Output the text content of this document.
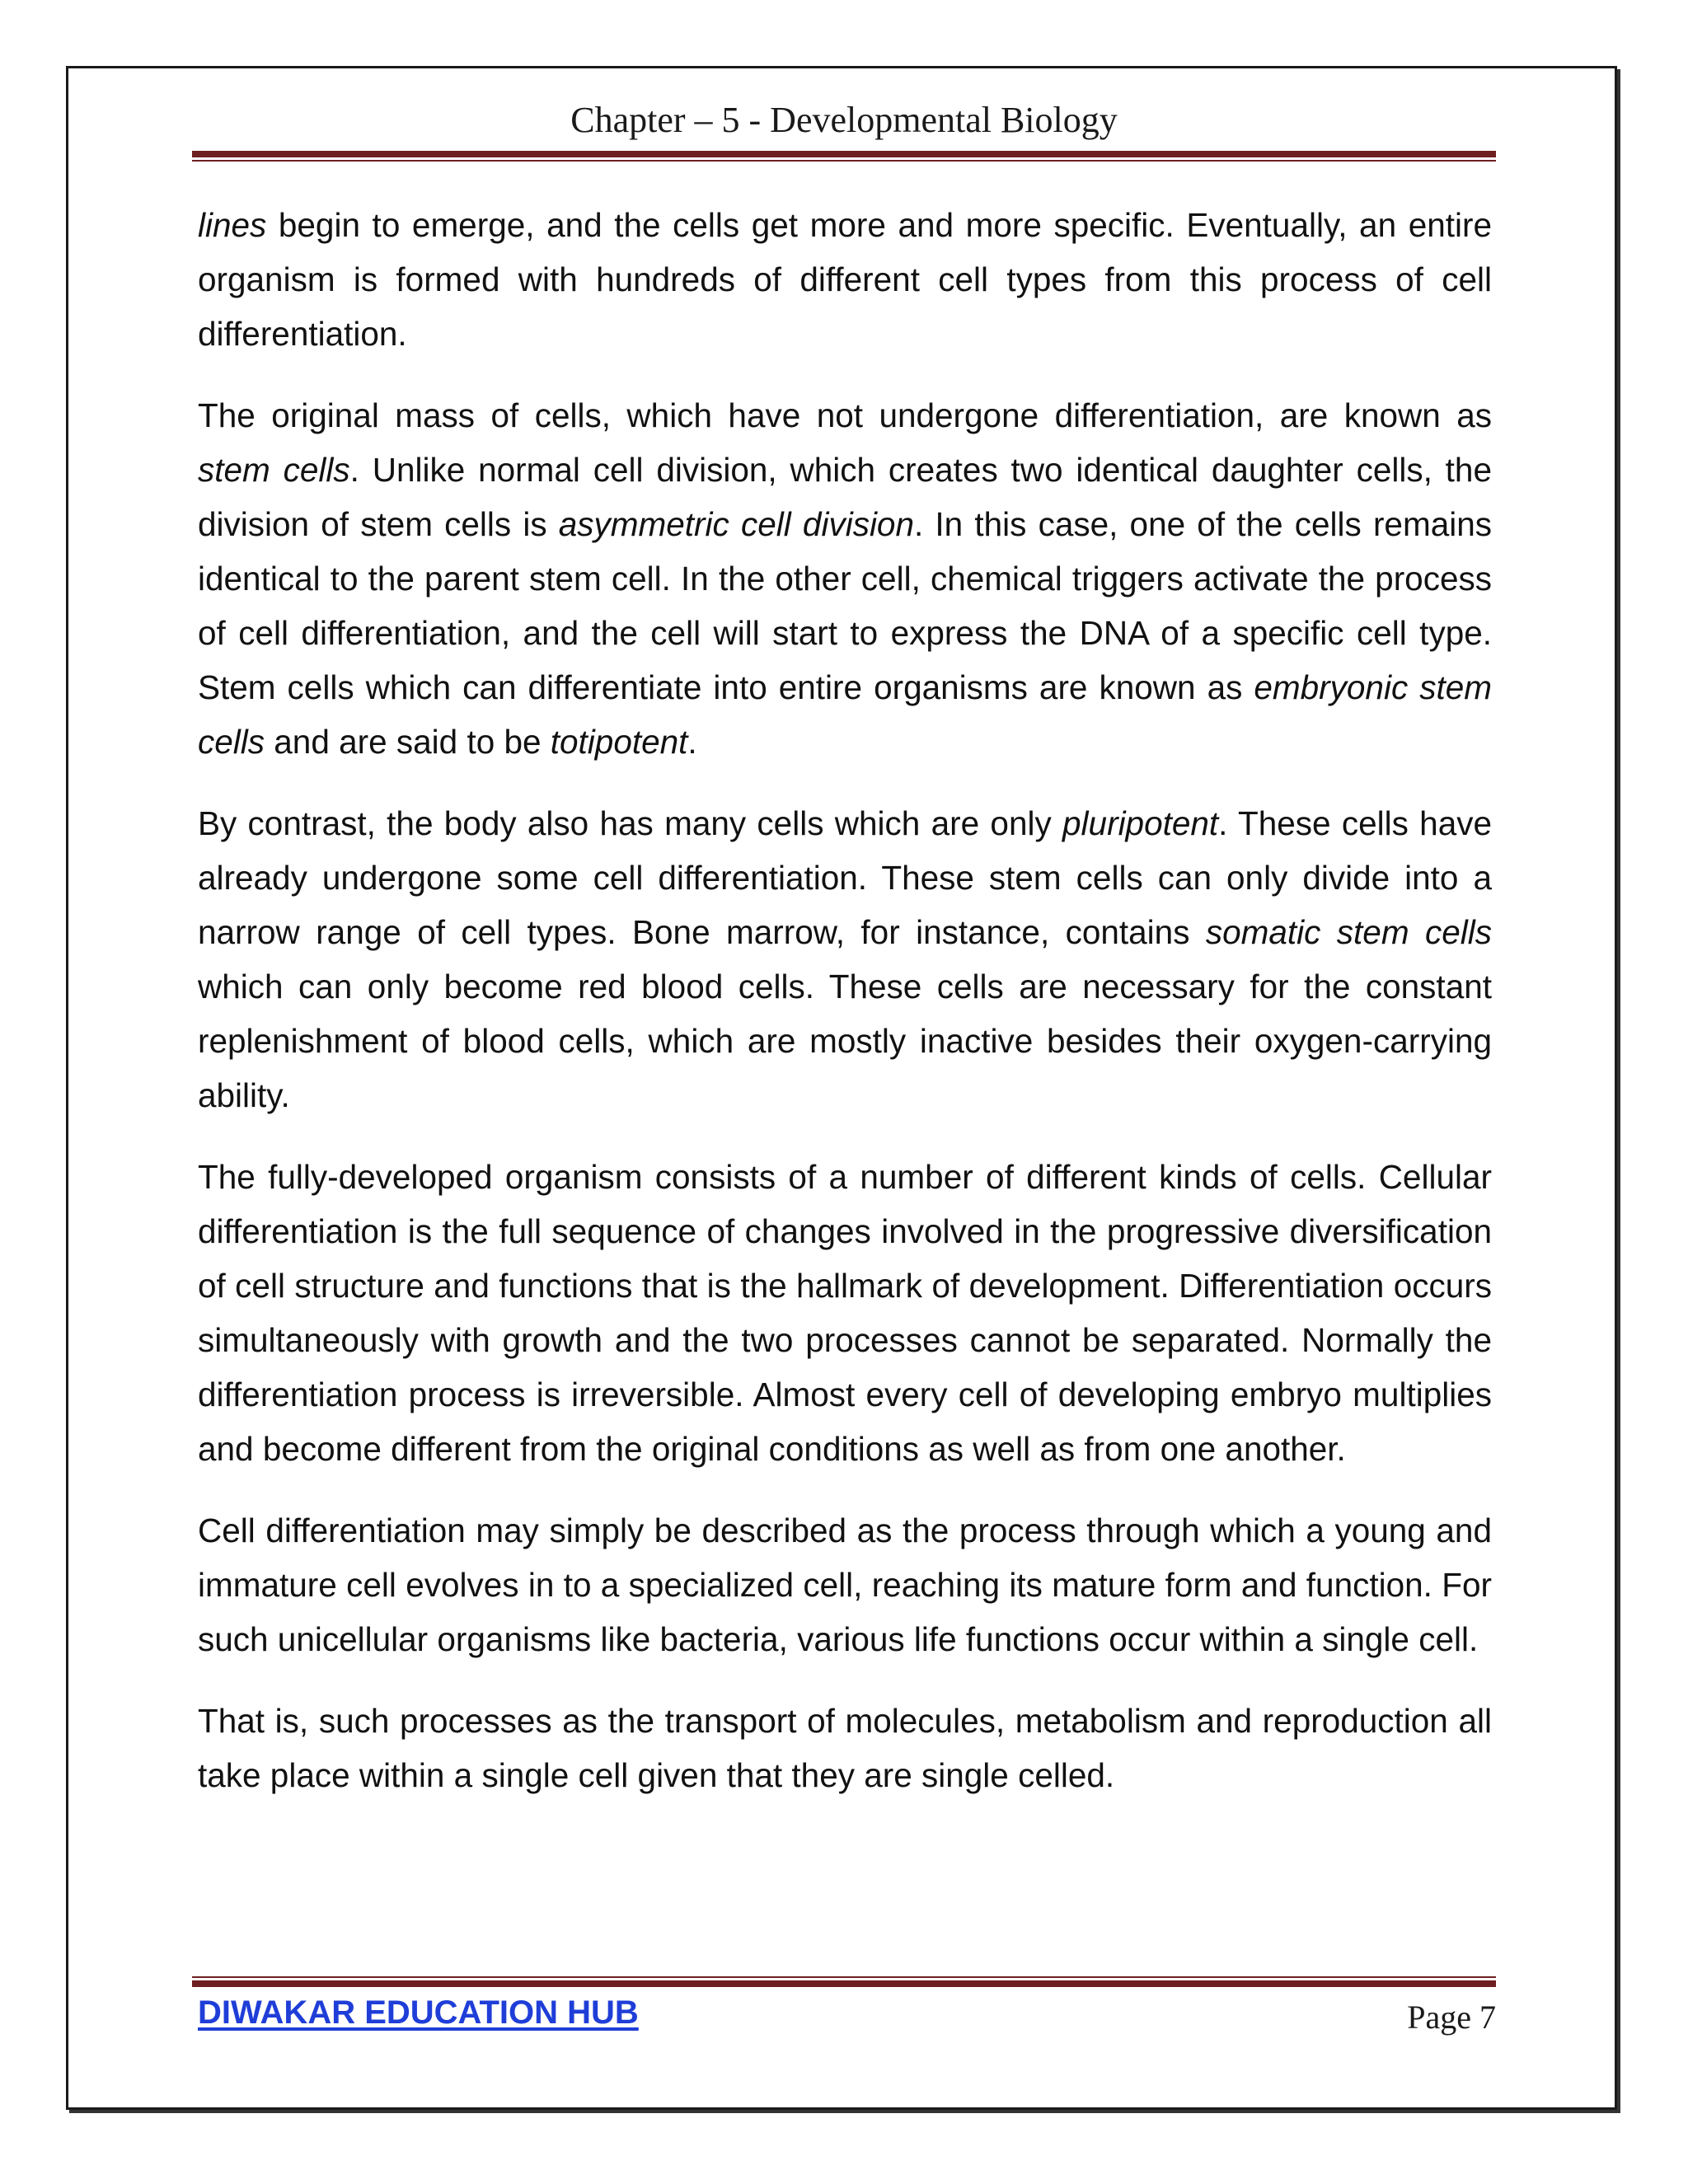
Chapter – 5 - Developmental Biology

lines begin to emerge, and the cells get more and more specific. Eventually, an entire organism is formed with hundreds of different cell types from this process of cell differentiation.

The original mass of cells, which have not undergone differentiation, are known as stem cells. Unlike normal cell division, which creates two identical daughter cells, the division of stem cells is asymmetric cell division. In this case, one of the cells remains identical to the parent stem cell. In the other cell, chemical triggers activate the process of cell differentiation, and the cell will start to express the DNA of a specific cell type. Stem cells which can differentiate into entire organisms are known as embryonic stem cells and are said to be totipotent.

By contrast, the body also has many cells which are only pluripotent. These cells have already undergone some cell differentiation. These stem cells can only divide into a narrow range of cell types. Bone marrow, for instance, contains somatic stem cells which can only become red blood cells. These cells are necessary for the constant replenishment of blood cells, which are mostly inactive besides their oxygen-carrying ability.

The fully-developed organism consists of a number of different kinds of cells. Cellular differentiation is the full sequence of changes involved in the progressive diversification of cell structure and functions that is the hallmark of development. Differentiation occurs simultaneously with growth and the two processes cannot be separated. Normally the differentiation process is irreversible. Almost every cell of developing embryo multiplies and become different from the original conditions as well as from one another.

Cell differentiation may simply be described as the process through which a young and immature cell evolves in to a specialized cell, reaching its mature form and function. For such unicellular organisms like bacteria, various life functions occur within a single cell.

That is, such processes as the transport of molecules, metabolism and reproduction all take place within a single cell given that they are single celled.

DIWAKAR EDUCATION HUB	Page 7
